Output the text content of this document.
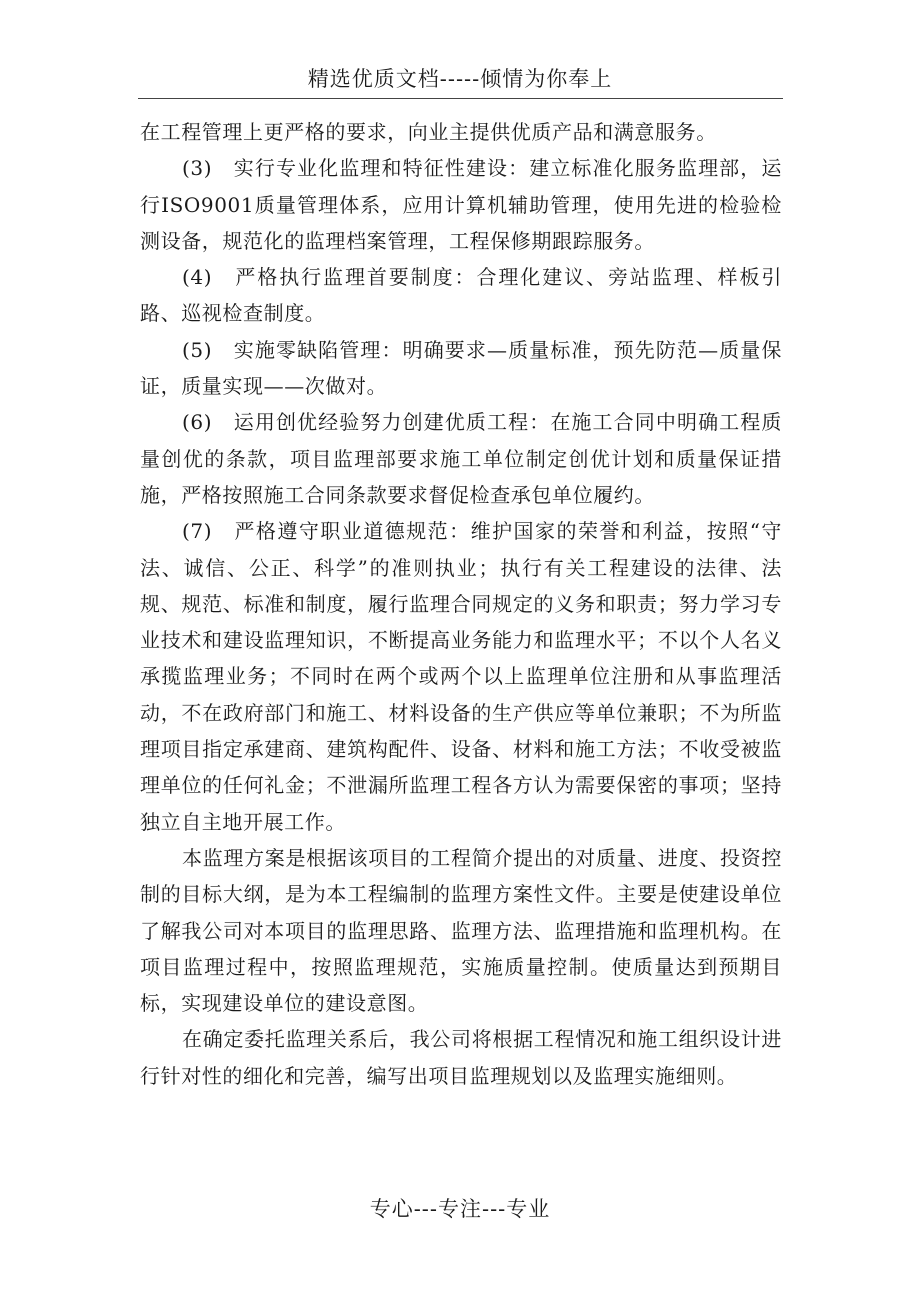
精选优质文档-----倾情为你奉上

在工程管理上更严格的要求，向业主提供优质产品和满意服务。

(3)　实行专业化监理和特征性建设：建立标准化服务监理部，运行ISO9001质量管理体系，应用计算机辅助管理，使用先进的检验检测设备，规范化的监理档案管理，工程保修期跟踪服务。

(4)　严格执行监理首要制度：合理化建议、旁站监理、样板引路、巡视检查制度。

(5)　实施零缺陷管理：明确要求—质量标准，预先防范—质量保证，质量实现——次做对。

(6)　运用创优经验努力创建优质工程：在施工合同中明确工程质量创优的条款，项目监理部要求施工单位制定创优计划和质量保证措施，严格按照施工合同条款要求督促检查承包单位履约。

(7)　严格遵守职业道德规范：维护国家的荣誉和利益，按照“守法、诚信、公正、科学”的准则执业；执行有关工程建设的法律、法规、规范、标准和制度，履行监理合同规定的义务和职责；努力学习专业技术和建设监理知识，不断提高业务能力和监理水平；不以个人名义承揽监理业务；不同时在两个或两个以上监理单位注册和从事监理活动，不在政府部门和施工、材料设备的生产供应等单位兼职；不为所监理项目指定承建商、建筑构配件、设备、材料和施工方法；不收受被监理单位的任何礼金；不泄漏所监理工程各方认为需要保密的事项；坚持独立自主地开展工作。

本监理方案是根据该项目的工程简介提出的对质量、进度、投资控制的目标大纲，是为本工程编制的监理方案性文件。主要是使建设单位了解我公司对本项目的监理思路、监理方法、监理措施和监理机构。在项目监理过程中，按照监理规范，实施质量控制。使质量达到预期目标，实现建设单位的建设意图。

在确定委托监理关系后，我公司将根据工程情况和施工组织设计进行针对性的细化和完善，编写出项目监理规划以及监理实施细则。

专心---专注---专业
